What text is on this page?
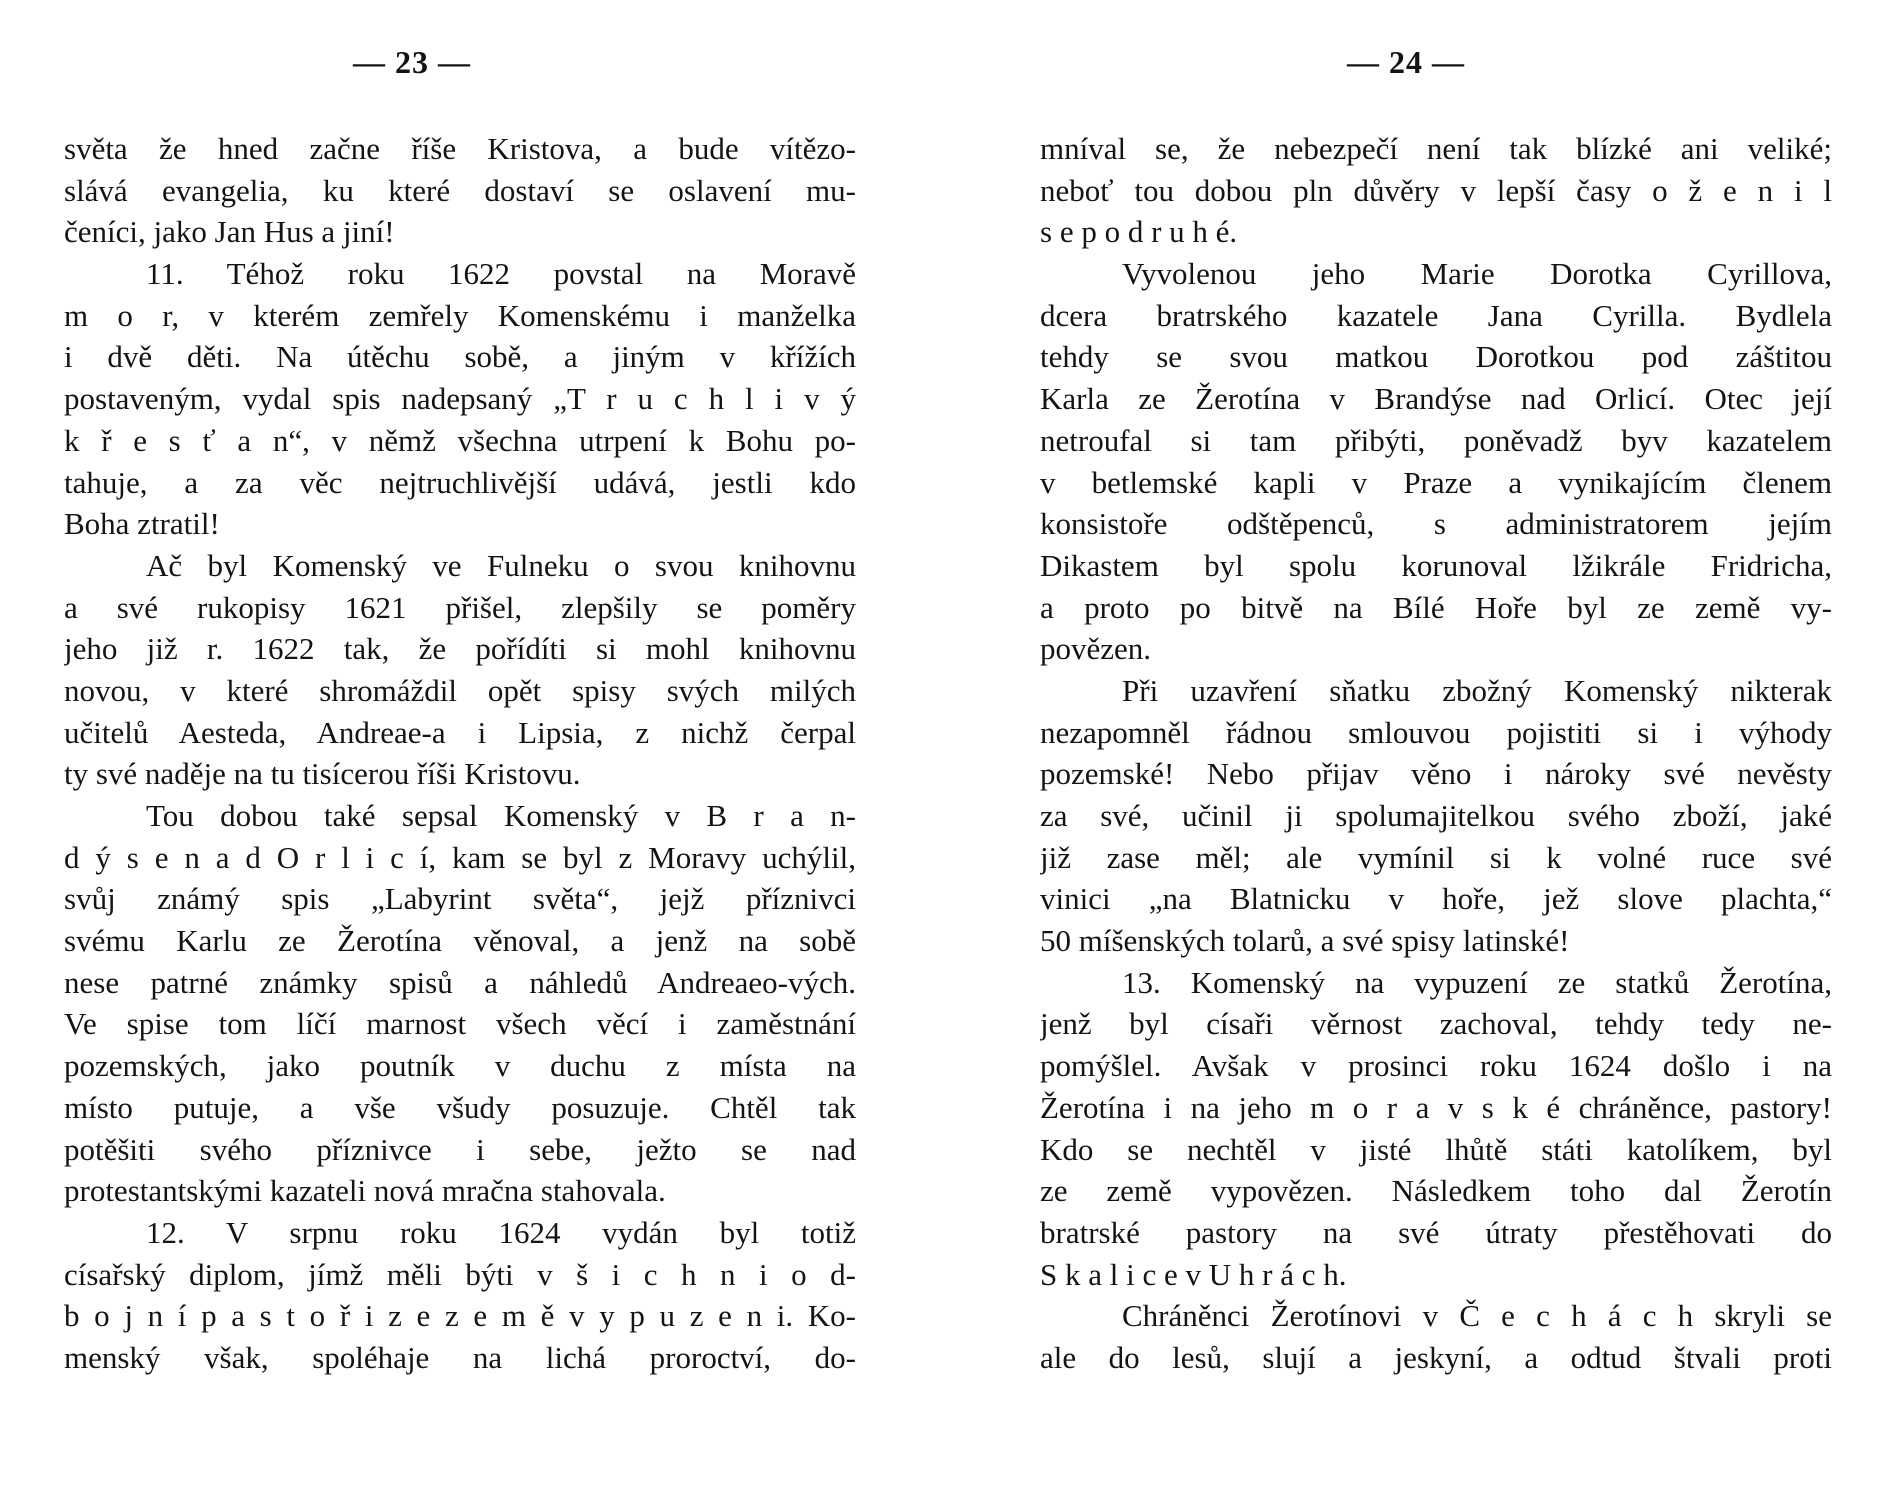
— 23 —
světa že hned začne říše Kristova, a bude vítězo-
slává evangelia, ku které dostaví se oslavení mu-
čeníci, jako Jan Hus a jiní!
11. Téhož roku 1622 povstal na Moravě
m o r, v kterém zemřely Komenskému i manželka
i dvě děti. Na útěchu sobě, a jiným v křížích
postaveným, vydal spis nadepsaný „T r u c h l i v ý
k ř e s ť a n“, v němž všechna utrpení k Bohu po-
tahuje, a za věc nejtruchlivější udává, jestli kdo
Boha ztratil!
Ač byl Komenský ve Fulneku o svou knihovnu
a své rukopisy 1621 přišel, zlepšily se poměry
jeho již r. 1622 tak, že pořídíti si mohl knihovnu
novou, v které shromáždil opět spisy svých milých
učitelů Aesteda, Andreae-a i Lipsia, z nichž čerpal
ty své naděje na tu tisícerou říši Kristovu.
Tou dobou také sepsal Komenský v B r a n-
d ý s e n a d O r l i c í, kam se byl z Moravy uchýlil,
svůj známý spis „Labyrint světa“, jejž příznivci
svému Karlu ze Žerotína věnoval, a jenž na sobě
nese patrné známky spisů a náhledů Andreaeo-vých.
Ve spise tom líčí marnost všech věcí i zaměstnání
pozemských, jako poutník v duchu z místa na
místo putuje, a vše všudy posuzuje. Chtěl tak
potěšiti svého příznivce i sebe, ježto se nad
protestantskými kazateli nová mračna stahovala.
12. V srpnu roku 1624 vydán byl totiž
císařský diplom, jímž měli býti v š i c h n i o d-
b o j n í p a s t o ř i z e z e m ě v y p u z e n i. Ko-
menský však, spoléhaje na lichá proroctví, do-
— 24 —
mníval se, že nebezpečí není tak blízké ani veliké;
neboť tou dobou pln důvěry v lepší časy o ž e n i l
s e p o d r u h é.
Vyvolenou jeho Marie Dorotka Cyrillova,
dcera bratrského kazatele Jana Cyrilla. Bydlela
tehdy se svou matkou Dorotkou pod záštitou
Karla ze Žerotína v Brandýse nad Orlicí. Otec její
netroufal si tam přibýti, poněvadž byv kazatelem
v betlemské kapli v Praze a vynikajícím členem
konsistoře odštěpenců, s administratorem jejím
Dikastem byl spolu korunoval lžikrále Fridricha,
a proto po bitvě na Bílé Hoře byl ze země vy-
povězen.
Při uzavření sňatku zbožný Komenský nikterak
nezapomněl řádnou smlouvou pojistiti si i výhody
pozemské! Nebo přijav věno i nároky své nevěsty
za své, učinil ji spolumajitelkou svého zboží, jaké
již zase měl; ale vymínil si k volné ruce své
vinici „na Blatnicku v hoře, jež slove plachta,“
50 míšenských tolarů, a své spisy latinské!
13. Komenský na vypuzení ze statků Žerotína,
jenž byl císaři věrnost zachoval, tehdy tedy ne-
pomýšlel. Avšak v prosinci roku 1624 došlo i na
Žerotína i na jeho m o r a v s k é chráněnce, pastory!
Kdo se nechtěl v jisté lhůtě státi katolíkem, byl
ze země vypovězen. Následkem toho dal Žerotín
bratrské pastory na své útraty přestěhovati do
S k a l i c e v U h r á c h.
Chráněnci Žerotínovi v Č e c h á c h skryli se
ale do lesů, slují a jeskyní, a odtud štvali proti
